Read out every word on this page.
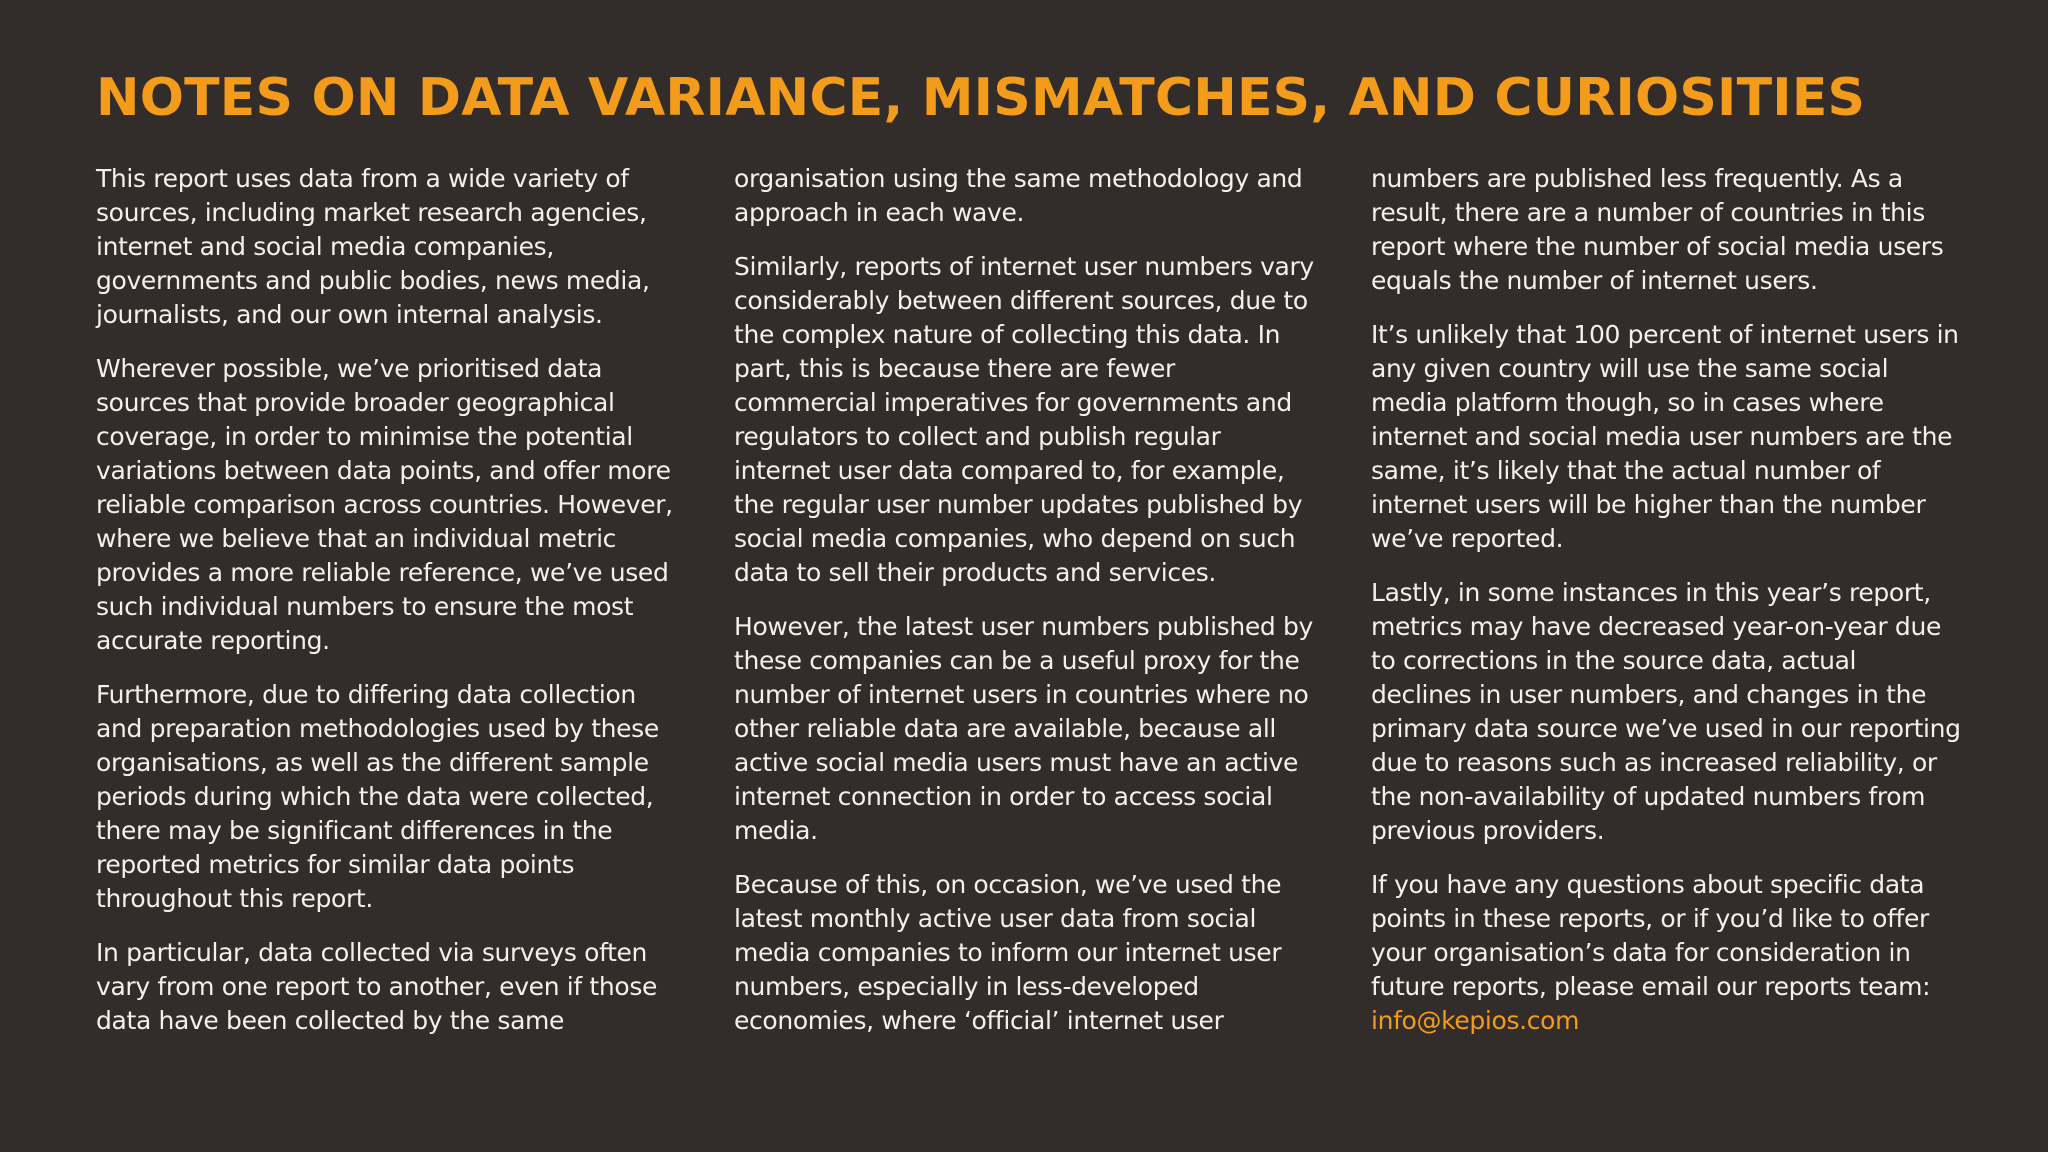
NOTES ON DATA VARIANCE, MISMATCHES, AND CURIOSITIES

This report uses data from a wide variety of sources, including market research agencies, internet and social media companies, governments and public bodies, news media, journalists, and our own internal analysis.

Wherever possible, we’ve prioritised data sources that provide broader geographical coverage, in order to minimise the potential variations between data points, and offer more reliable comparison across countries. However, where we believe that an individual metric provides a more reliable reference, we’ve used such individual numbers to ensure the most accurate reporting.

Furthermore, due to differing data collection and preparation methodologies used by these organisations, as well as the different sample periods during which the data were collected, there may be significant differences in the reported metrics for similar data points throughout this report.

In particular, data collected via surveys often vary from one report to another, even if those data have been collected by the same

organisation using the same methodology and approach in each wave.

Similarly, reports of internet user numbers vary considerably between different sources, due to the complex nature of collecting this data. In part, this is because there are fewer commercial imperatives for governments and regulators to collect and publish regular internet user data compared to, for example, the regular user number updates published by social media companies, who depend on such data to sell their products and services.

However, the latest user numbers published by these companies can be a useful proxy for the number of internet users in countries where no other reliable data are available, because all active social media users must have an active internet connection in order to access social media.

Because of this, on occasion, we’ve used the latest monthly active user data from social media companies to inform our internet user numbers, especially in less-developed economies, where ‘official’ internet user

numbers are published less frequently. As a result, there are a number of countries in this report where the number of social media users equals the number of internet users.

It’s unlikely that 100 percent of internet users in any given country will use the same social media platform though, so in cases where internet and social media user numbers are the same, it’s likely that the actual number of internet users will be higher than the number we’ve reported.

Lastly, in some instances in this year’s report, metrics may have decreased year-on-year due to corrections in the source data, actual declines in user numbers, and changes in the primary data source we’ve used in our reporting due to reasons such as increased reliability, or the non-availability of updated numbers from previous providers.

If you have any questions about specific data points in these reports, or if you’d like to offer your organisation’s data for consideration in future reports, please email our reports team: info@kepios.com
